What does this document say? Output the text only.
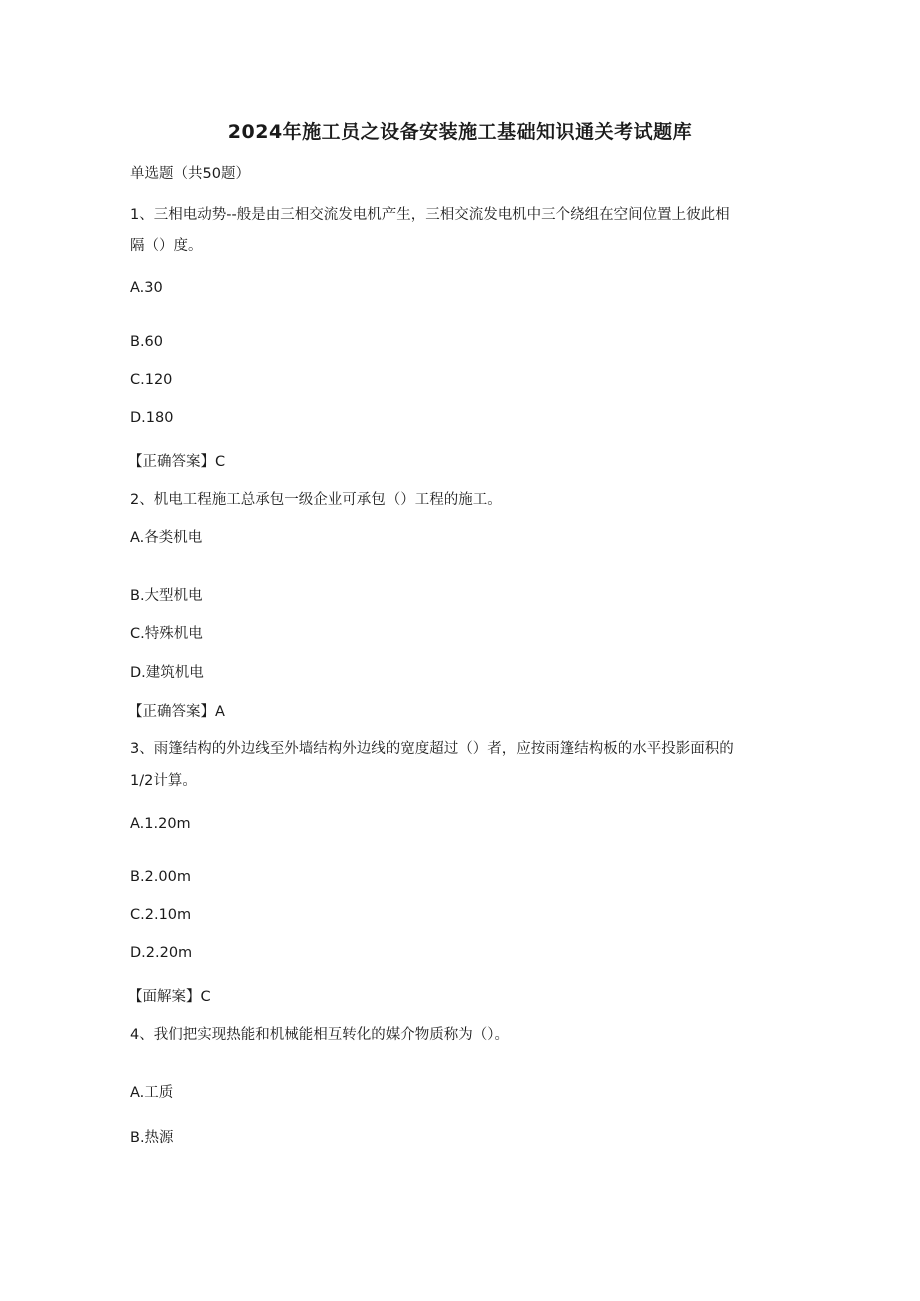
2024年施工员之设备安装施工基础知识通关考试题库
单选题（共50题）
1、三相电动势--般是由三相交流发电机产生，三相交流发电机中三个绕组在空间位置上彼此相
隔（）度。
A.30
B.60
C.120
D.180
【正确答案】C
2、机电工程施工总承包一级企业可承包（）工程的施工。
A.各类机电
B.大型机电
C.特殊机电
D.建筑机电
【正确答案】A
3、雨篷结构的外边线至外墙结构外边线的宽度超过（）者，应按雨篷结构板的水平投影面积的
1/2计算。
A.1.20m
B.2.00m
C.2.10m
D.2.20m
【面解案】C
4、我们把实现热能和机械能相互转化的媒介物质称为（）。
A.工质
B.热源
